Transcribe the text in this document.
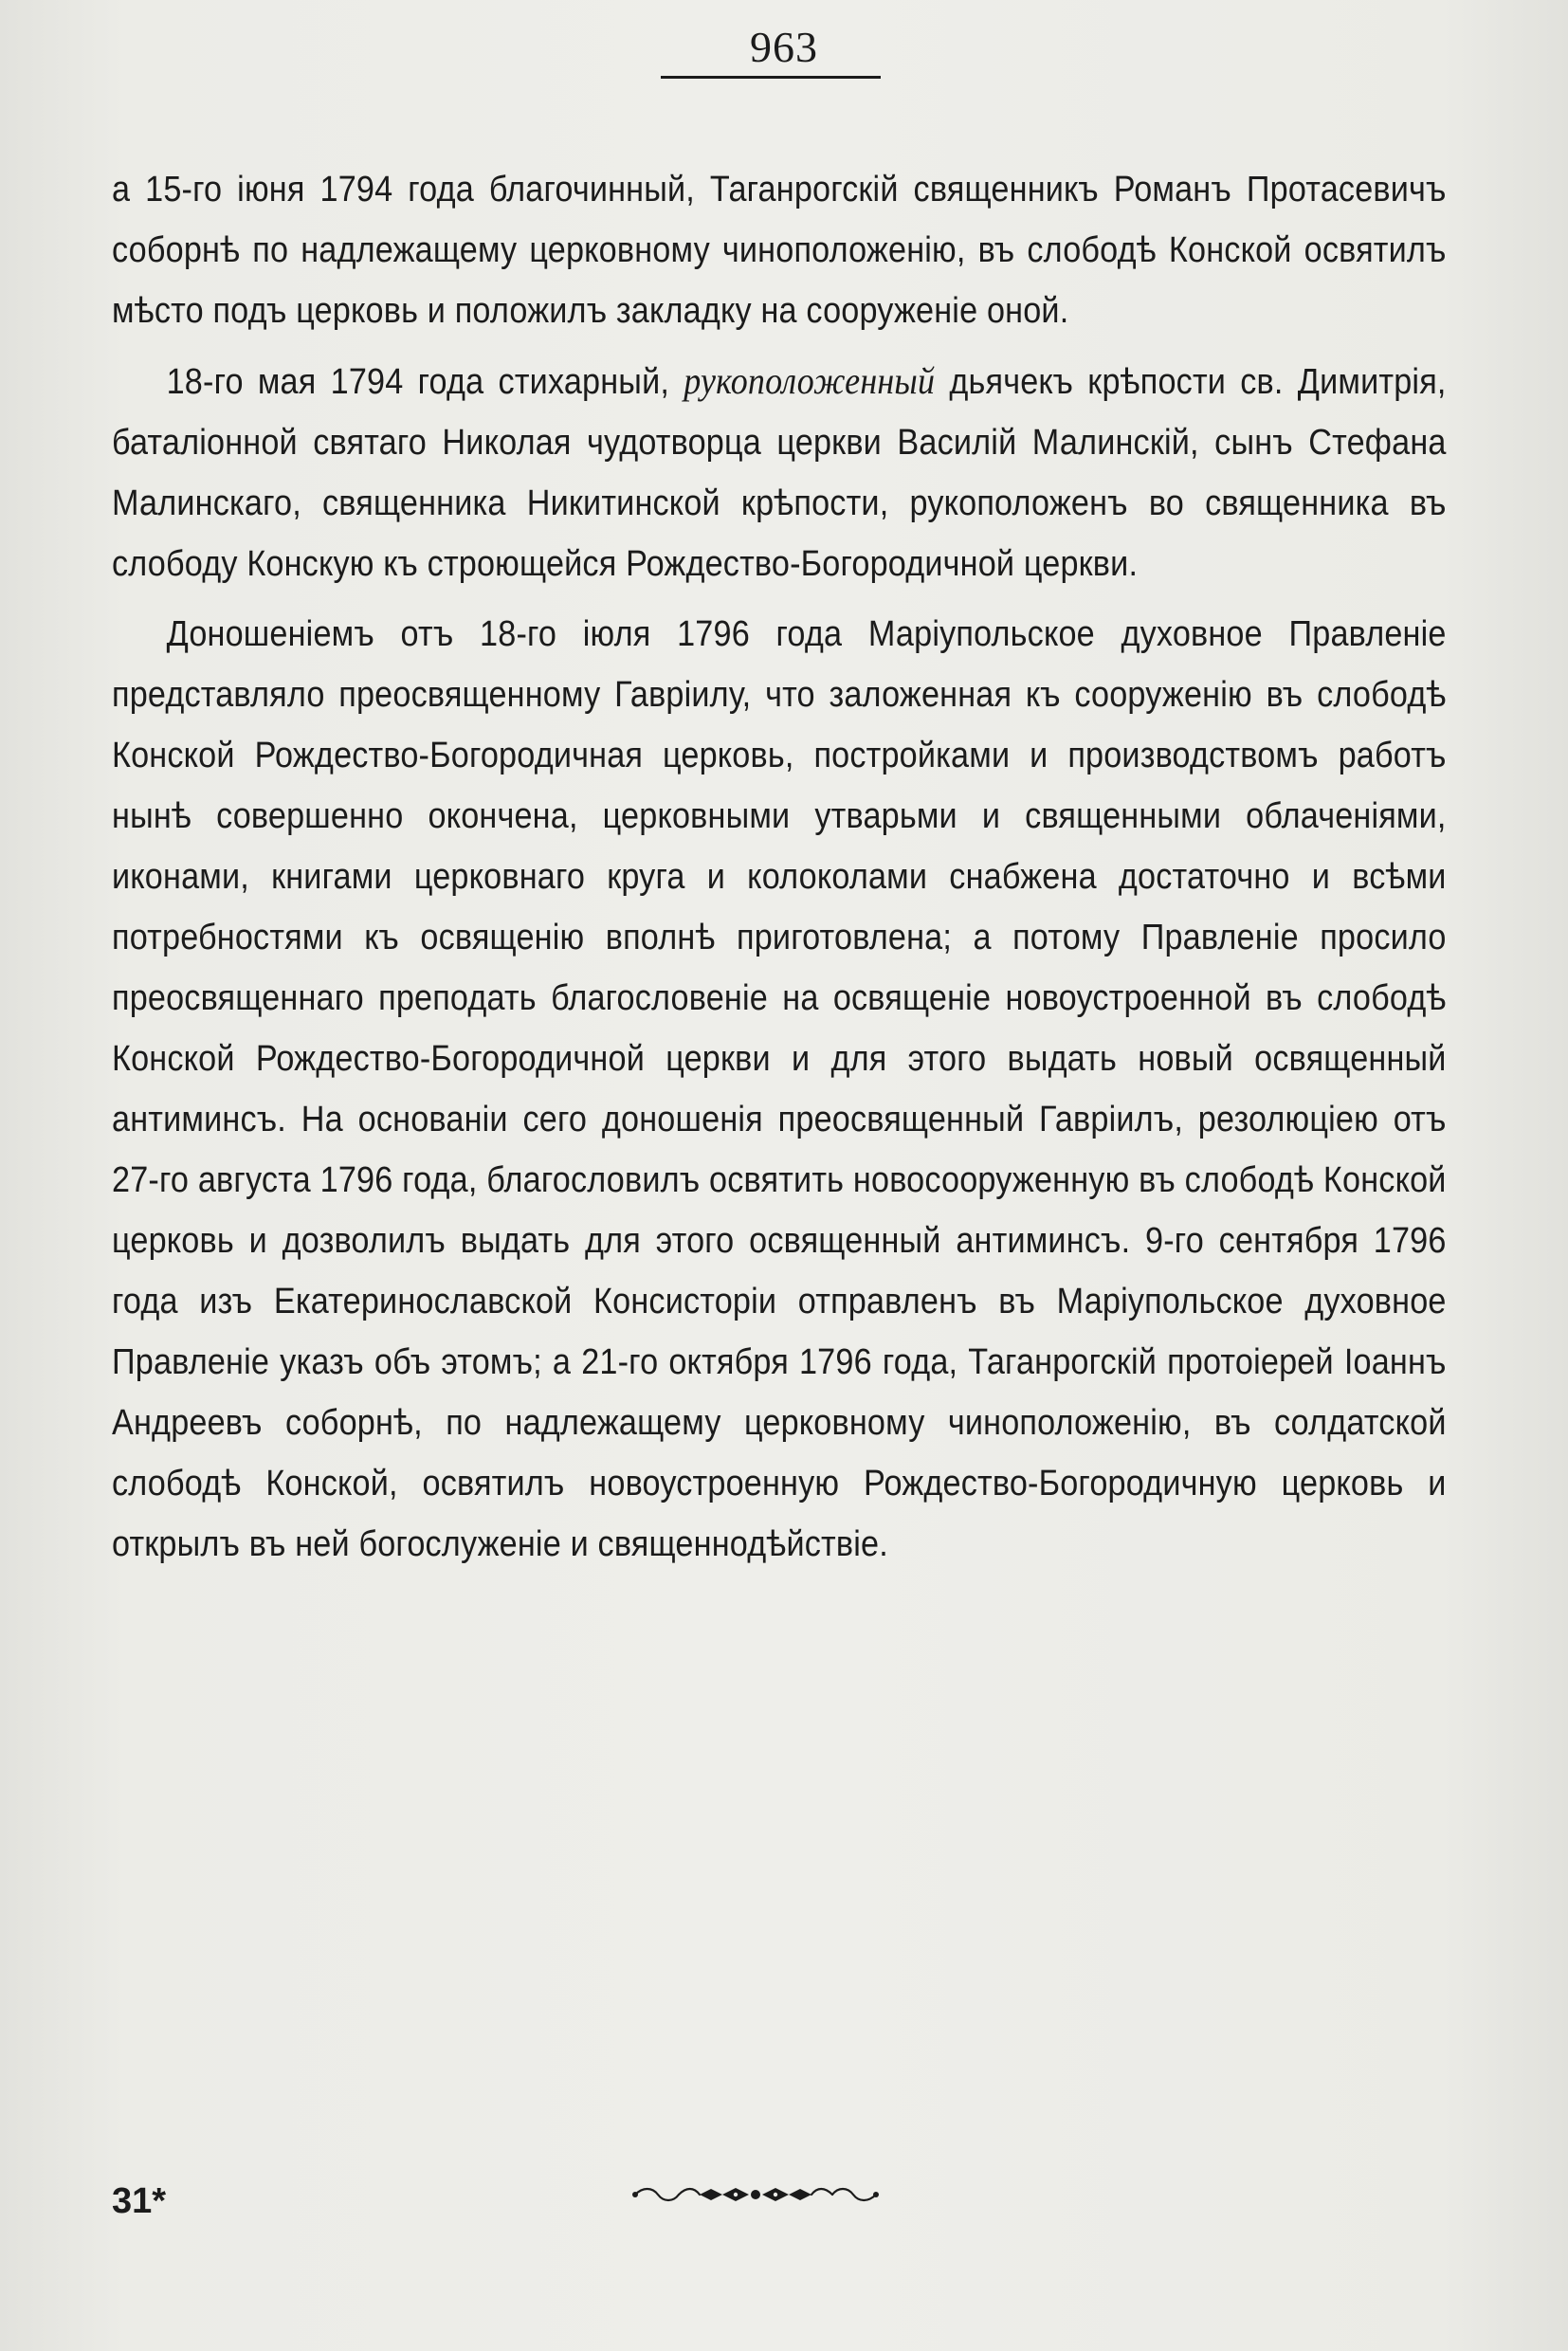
963

а 15-го iюня 1794 года благочинный, Таганрогскiй священникъ Романъ Протасевичъ соборнѣ по надлежащему церковному чиноположенiю, въ слободѣ Конской освятилъ мѣсто подъ церковь и положилъ закладку на сооруженiе оной.

18-го мая 1794 года стихарный, рукоположенный дьячекъ крѣпости св. Димитрiя, баталiонной святаго Николая чудотворца церкви Василiй Малинскiй, сынъ Стефана Малинскаго, священника Никитинской крѣпости, рукоположенъ во священника въ слободу Конскую къ строющейся Рождество-Богородичной церкви.

Доношенiемъ отъ 18-го iюля 1796 года Марiупольское духовное Правленiе представляло преосвященному Гаврiилу, что заложенная къ сооруженiю въ слободѣ Конской Рождество-Богородичная церковь, постройками и производствомъ работъ нынѣ совершенно окончена, церковными утварьми и священными облаченiями, иконами, книгами церковнаго круга и колоколами снабжена достаточно и всѣми потребностями къ освященiю вполнѣ приготовлена; а потому Правленiе просило преосвященнаго преподать благословенiе на освященiе новоустроенной въ слободѣ Конской Рождество-Богородичной церкви и для этого выдать новый освященный антиминсъ. На основанiи сего доношенiя преосвященный Гаврiилъ, резолюцiею отъ 27-го августа 1796 года, благословилъ освятить новосооруженную въ слободѣ Конской церковь и дозволилъ выдать для этого освященный антиминсъ. 9-го сентября 1796 года изъ Екатеринославской Консисторiи отправленъ въ Марiупольское духовное Правленiе указъ объ этомъ; а 21-го октября 1796 года, Таганрогскiй протоiерей Iоаннъ Андреевъ соборнѣ, по надлежащему церковному чиноположенiю, въ солдатской слободѣ Конской, освятилъ новоустроенную Рождество-Богородичную церковь и открылъ въ ней богослуженiе и священнодѣйствiе.

31*
